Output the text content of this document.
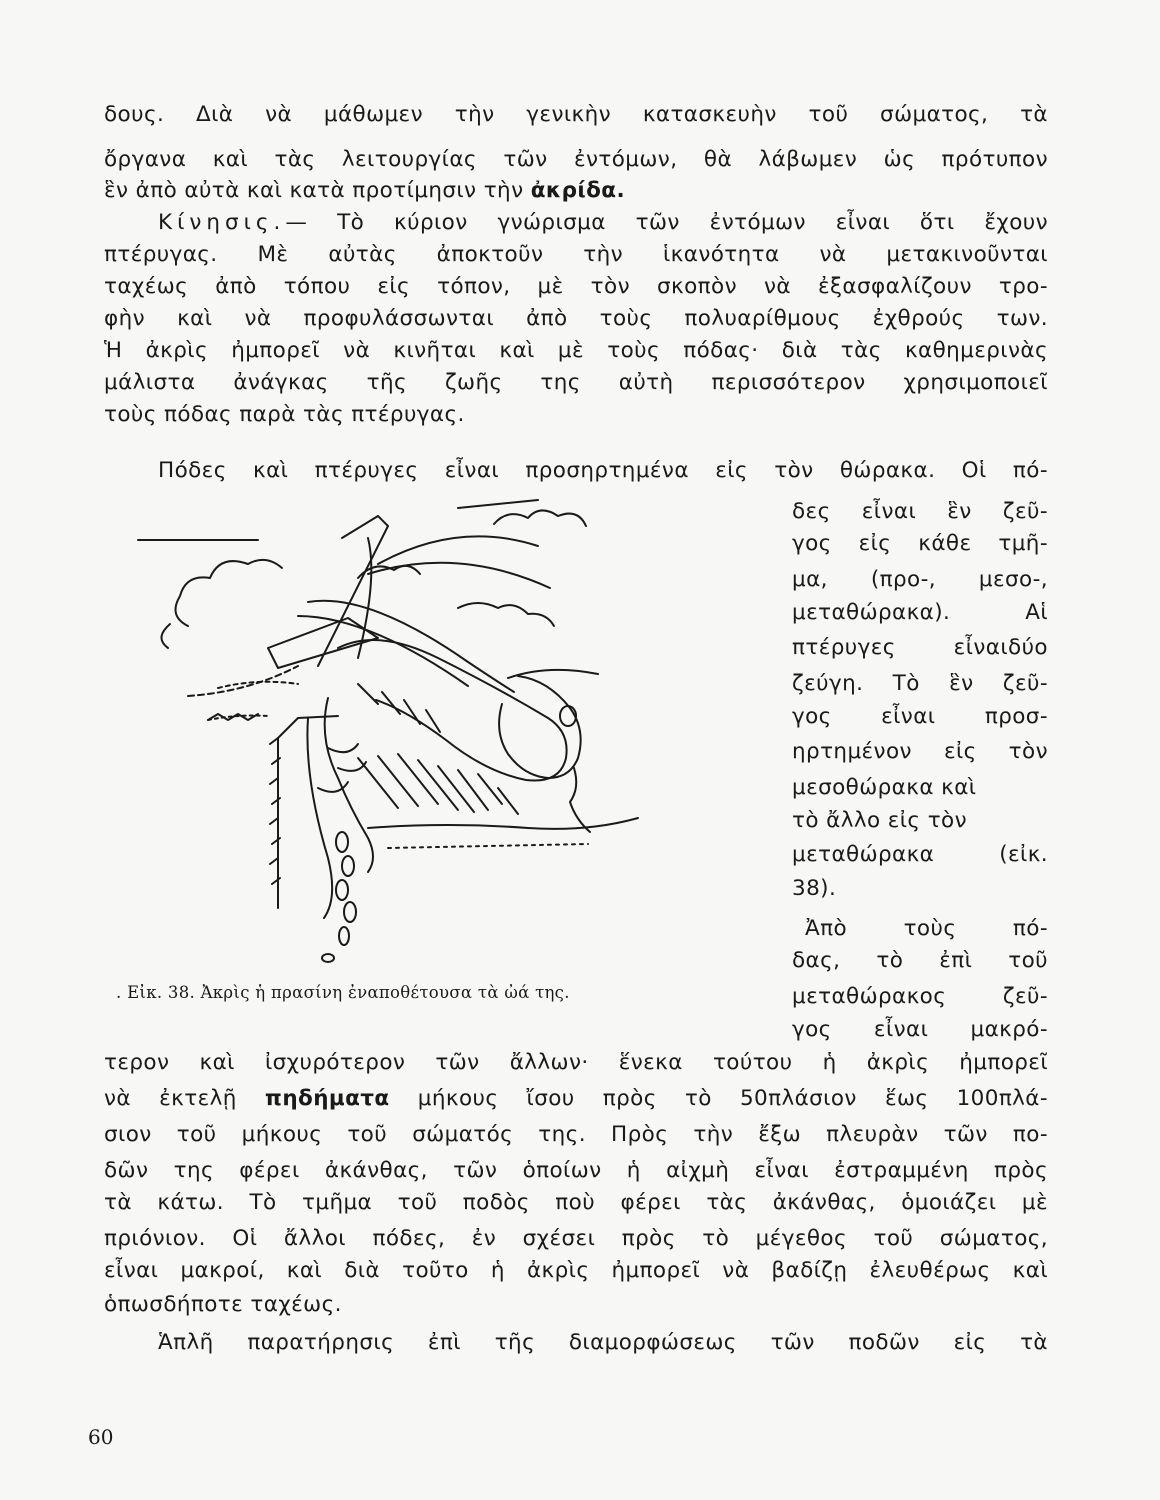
δους. Διὰ νὰ μάθωμεν τὴν γενικὴν κατασκευὴν τοῦ σώματος, τὰ
ὄργανα καὶ τὰς λειτουργίας τῶν ἐντόμων, θὰ λάβωμεν ὡς πρότυπον
ἓν ἀπὸ αὐτὰ καὶ κατὰ προτίμησιν τὴν ἀκρίδα.
Κίνησις.— Τὸ κύριον γνώρισμα τῶν ἐντόμων εἶναι ὅτι ἔχουν
πτέρυγας. Μὲ αὐτὰς ἀποκτοῦν τὴν ἱκανότητα νὰ μετακινοῦνται
ταχέως ἀπὸ τόπου εἰς τόπον, μὲ τὸν σκοπὸν νὰ ἐξασφαλίζουν τρο-
φὴν καὶ νὰ προφυλάσσωνται ἀπὸ τοὺς πολυαρίθμους ἐχθρούς των.
Ἡ ἀκρὶς ἠμπορεῖ νὰ κινῆται καὶ μὲ τοὺς πόδας· διὰ τὰς καθημερινὰς
μάλιστα ἀνάγκας τῆς ζωῆς της αὐτὴ περισσότερον χρησιμοποιεῖ
τοὺς πόδας παρὰ τὰς πτέρυγας.
Πόδες καὶ πτέρυγες εἶναι προσηρτημένα εἰς τὸν θώρακα. Οἱ πό-
δες εἶναι ἓν ζεῦ-
γος εἰς κάθε τμῆ-
μα, (προ-, μεσο-,
μεταθώρακα). Αἱ
πτέρυγες εἶναιδύο
ζεύγη. Τὸ ἓν ζεῦ-
γος εἶναι προσ-
ηρτημένον εἰς τὸν
μεσοθώρακα καὶ
τὸ ἄλλο εἰς τὸν
μεταθώρακα (εἰκ.
38).
Ἀπὸ τοὺς πό-
δας, τὸ ἐπὶ τοῦ
μεταθώρακος ζεῦ-
γος εἶναι μακρό-
. Εἰκ. 38. Ἀκρὶς ἡ πρασίνη ἐναποθέτουσα τὰ ὠά της.
τερον καὶ ἰσχυρότερον τῶν ἄλλων· ἕνεκα τούτου ἡ ἀκρὶς ἠμπορεῖ
νὰ ἐκτελῇ πηδήματα μήκους ἴσου πρὸς τὸ 50πλάσιον ἕως 100πλά-
σιον τοῦ μήκους τοῦ σώματός της. Πρὸς τὴν ἔξω πλευρὰν τῶν πο-
δῶν της φέρει ἀκάνθας, τῶν ὁποίων ἡ αἰχμὴ εἶναι ἐστραμμένη πρὸς
τὰ κάτω. Τὸ τμῆμα τοῦ ποδὸς ποὺ φέρει τὰς ἀκάνθας, ὁμοιάζει μὲ
πριόνιον. Οἱ ἄλλοι πόδες, ἐν σχέσει πρὸς τὸ μέγεθος τοῦ σώματος,
εἶναι μακροί, καὶ διὰ τοῦτο ἡ ἀκρὶς ἠμπορεῖ νὰ βαδίζῃ ἐλευθέρως καὶ
ὁπωσδήποτε ταχέως.
Ἁπλῆ παρατήρησις ἐπὶ τῆς διαμορφώσεως τῶν ποδῶν εἰς τὰ
60
